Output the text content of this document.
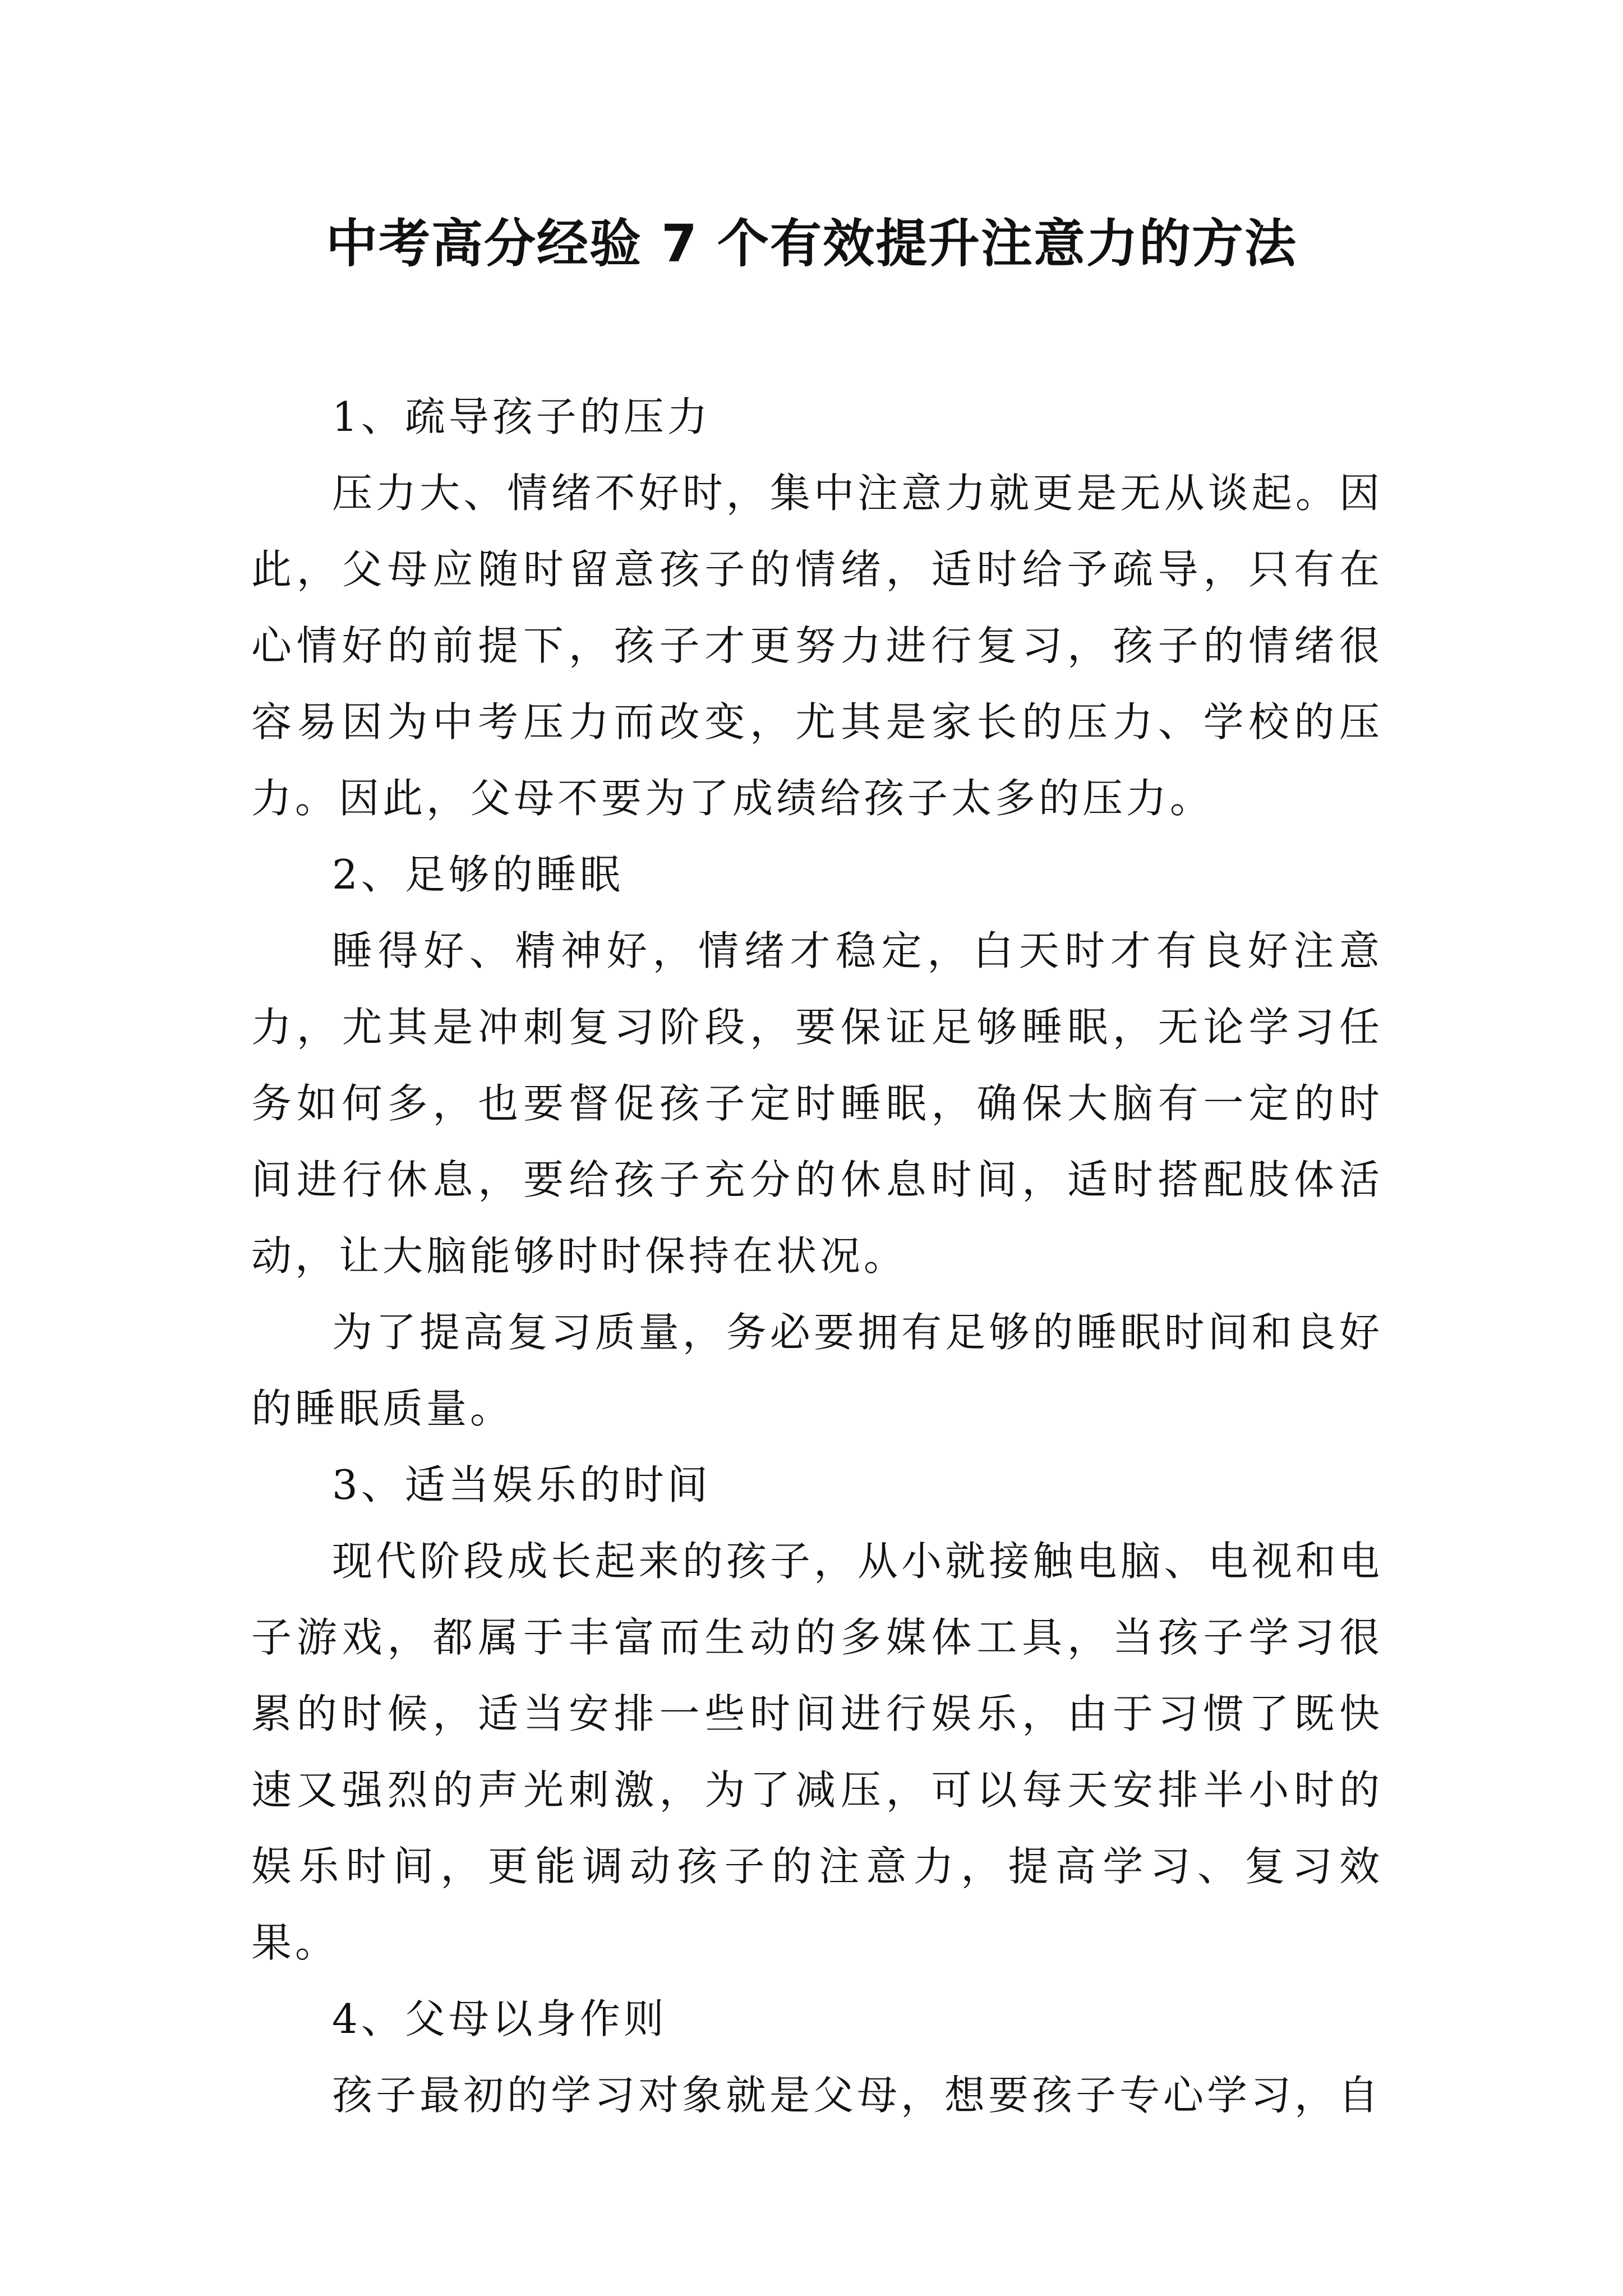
中考高分经验 7 个有效提升注意力的方法

1、疏导孩子的压力

压力大、情绪不好时，集中注意力就更是无从谈起。因此，父母应随时留意孩子的情绪，适时给予疏导，只有在心情好的前提下，孩子才更努力进行复习，孩子的情绪很容易因为中考压力而改变，尤其是家长的压力、学校的压力。因此，父母不要为了成绩给孩子太多的压力。

2、足够的睡眠

睡得好、精神好，情绪才稳定，白天时才有良好注意力，尤其是冲刺复习阶段，要保证足够睡眠，无论学习任务如何多，也要督促孩子定时睡眠，确保大脑有一定的时间进行休息，要给孩子充分的休息时间，适时搭配肢体活动，让大脑能够时时保持在状况。

为了提高复习质量，务必要拥有足够的睡眠时间和良好的睡眠质量。

3、适当娱乐的时间

现代阶段成长起来的孩子，从小就接触电脑、电视和电子游戏，都属于丰富而生动的多媒体工具，当孩子学习很累的时候，适当安排一些时间进行娱乐，由于习惯了既快速又强烈的声光刺激，为了减压，可以每天安排半小时的娱乐时间，更能调动孩子的注意力，提高学习、复习效果。

4、父母以身作则

孩子最初的学习对象就是父母，想要孩子专心学习，自
